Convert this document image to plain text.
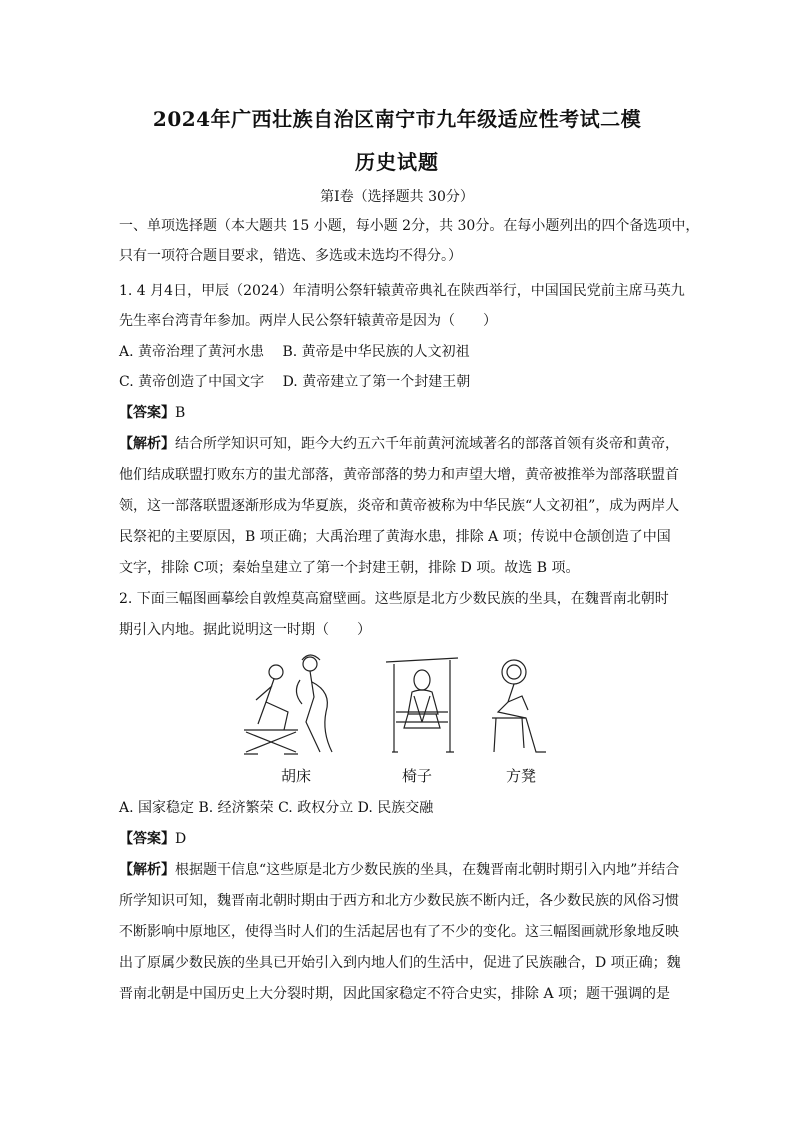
2024年广西壮族自治区南宁市九年级适应性考试二模
历史试题
第Ⅰ卷（选择题共 30分）
一、单项选择题（本大题共 15 小题，每小题 2分，共 30分。在每小题列出的四个备选项中，
只有一项符合题目要求，错选、多选或未选均不得分。）
1. 4 月4日，甲辰（2024）年清明公祭轩辕黄帝典礼在陕西举行，中国国民党前主席马英九
先生率台湾青年参加。两岸人民公祭轩辕黄帝是因为（　　）
A. 黄帝治理了黄河水患　 B. 黄帝是中华民族的人文初祖
C. 黄帝创造了中国文字　 D. 黄帝建立了第一个封建王朝
【答案】B
【解析】结合所学知识可知，距今大约五六千年前黄河流域著名的部落首领有炎帝和黄帝，
他们结成联盟打败东方的蚩尤部落，黄帝部落的势力和声望大增，黄帝被推举为部落联盟首
领，这一部落联盟逐渐形成为华夏族，炎帝和黄帝被称为中华民族“人文初祖”，成为两岸人
民祭祀的主要原因，B 项正确；大禹治理了黄海水患，排除 A 项；传说中仓颉创造了中国
文字，排除 C项；秦始皇建立了第一个封建王朝，排除 D 项。故选 B 项。
2. 下面三幅图画摹绘自敦煌莫高窟壁画。这些原是北方少数民族的坐具，在魏晋南北朝时
期引入内地。据此说明这一时期（　　）
胡床	椅子	方凳
A. 国家稳定 B. 经济繁荣 C. 政权分立 D. 民族交融
【答案】D
【解析】根据题干信息“这些原是北方少数民族的坐具，在魏晋南北朝时期引入内地”并结合
所学知识可知，魏晋南北朝时期由于西方和北方少数民族不断内迁，各少数民族的风俗习惯
不断影响中原地区，使得当时人们的生活起居也有了不少的变化。这三幅图画就形象地反映
出了原属少数民族的坐具已开始引入到内地人们的生活中，促进了民族融合，D 项正确；魏
晋南北朝是中国历史上大分裂时期，因此国家稳定不符合史实，排除 A 项；题干强调的是
